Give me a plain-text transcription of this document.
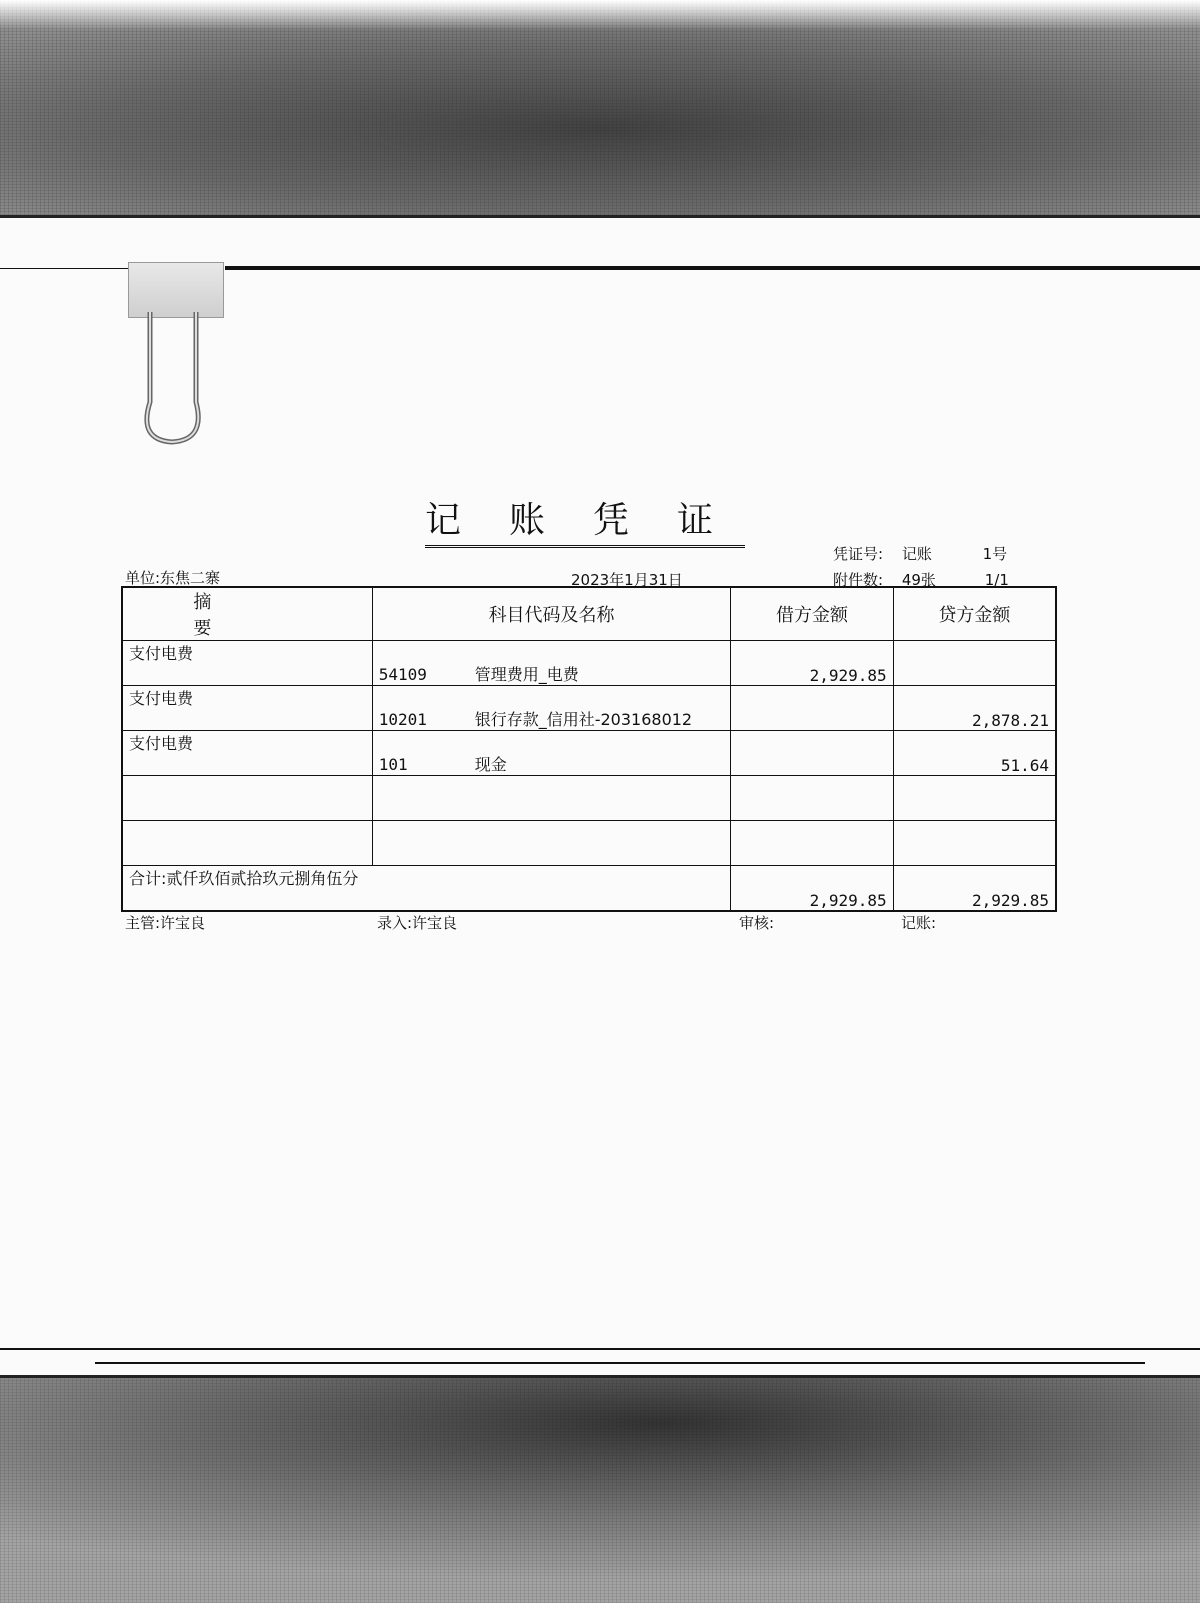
记账凭证
凭证号: 记账	1号
单位:东焦二寨	2023年1月31日	附件数: 49张	1/1
摘 要	科目代码及名称	借方金额	贷方金额
支付电费	54109 管理费用_电费	2,929.85	
支付电费	10201 银行存款_信用社-203168012		2,878.21
支付电费	101 现金		51.64

合计:贰仟玖佰贰拾玖元捌角伍分		2,929.85	2,929.85
主管:许宝良	录入:许宝良	审核:	记账:
